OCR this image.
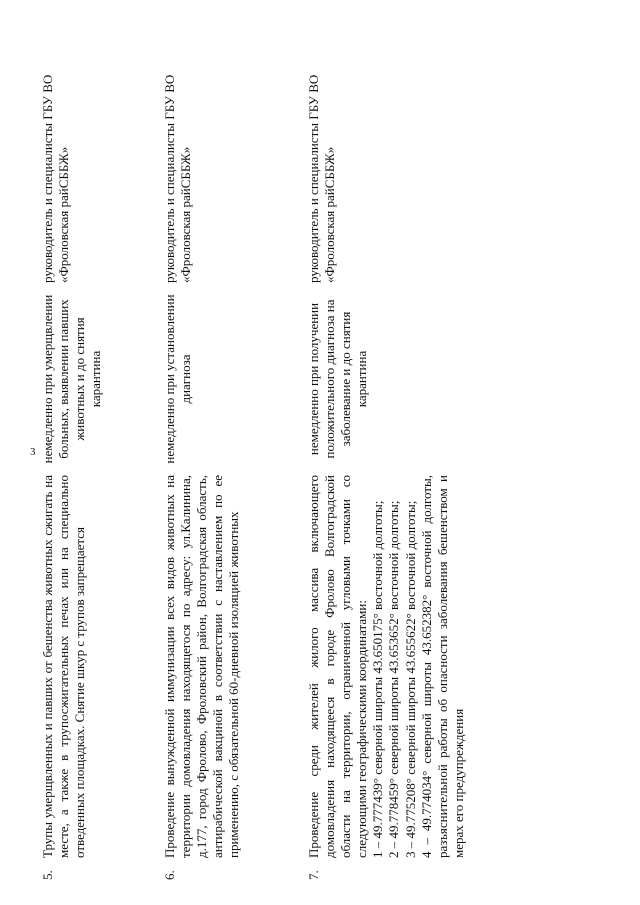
3
5.
Трупы умерщвленных и павших от бешенства животных сжигать на месте, а также в трупосжигательных печах или на специально отведенных площадках. Снятие шкур с трупов запрещается
немедленно при умерщвлении больных, выявлении павших животных и до снятия карантина
руководитель и специалисты ГБУ ВО «Фроловская райСББЖ»
6.
Проведение вынужденной иммунизации всех видов животных на территории домовладения находящегося по адресу: ул.Калинина, д.177, город Фролово, Фроловский район, Волгоградская область, антирабической вакциной в соответствии с наставлением по ее применению, с обязательной 60-дневной изоляцией животных
немедленно при установлении диагноза
руководитель и специалисты ГБУ ВО «Фроловская райСББЖ»
7.
Проведение среди жителей жилого массива включающего домовладения находящееся в городе Фролово Волгоградской области на территории, ограниченной угловыми точками со следующими географическими координатами: 1 – 49.777439° северной широты 43.650175° восточной долготы; 2 – 49.778459° северной широты 43.653652° восточной долготы; 3 – 49.775208° северной широты 43.655622° восточной долготы; 4 – 49.774034° северной широты 43.652382° восточной долготы, разъяснительной работы об опасности заболевания бешенством и мерах его предупреждения
немедленно при получении положительного диагноза на заболевание и до снятия карантина
руководитель и специалисты ГБУ ВО «Фроловская райСББЖ»
